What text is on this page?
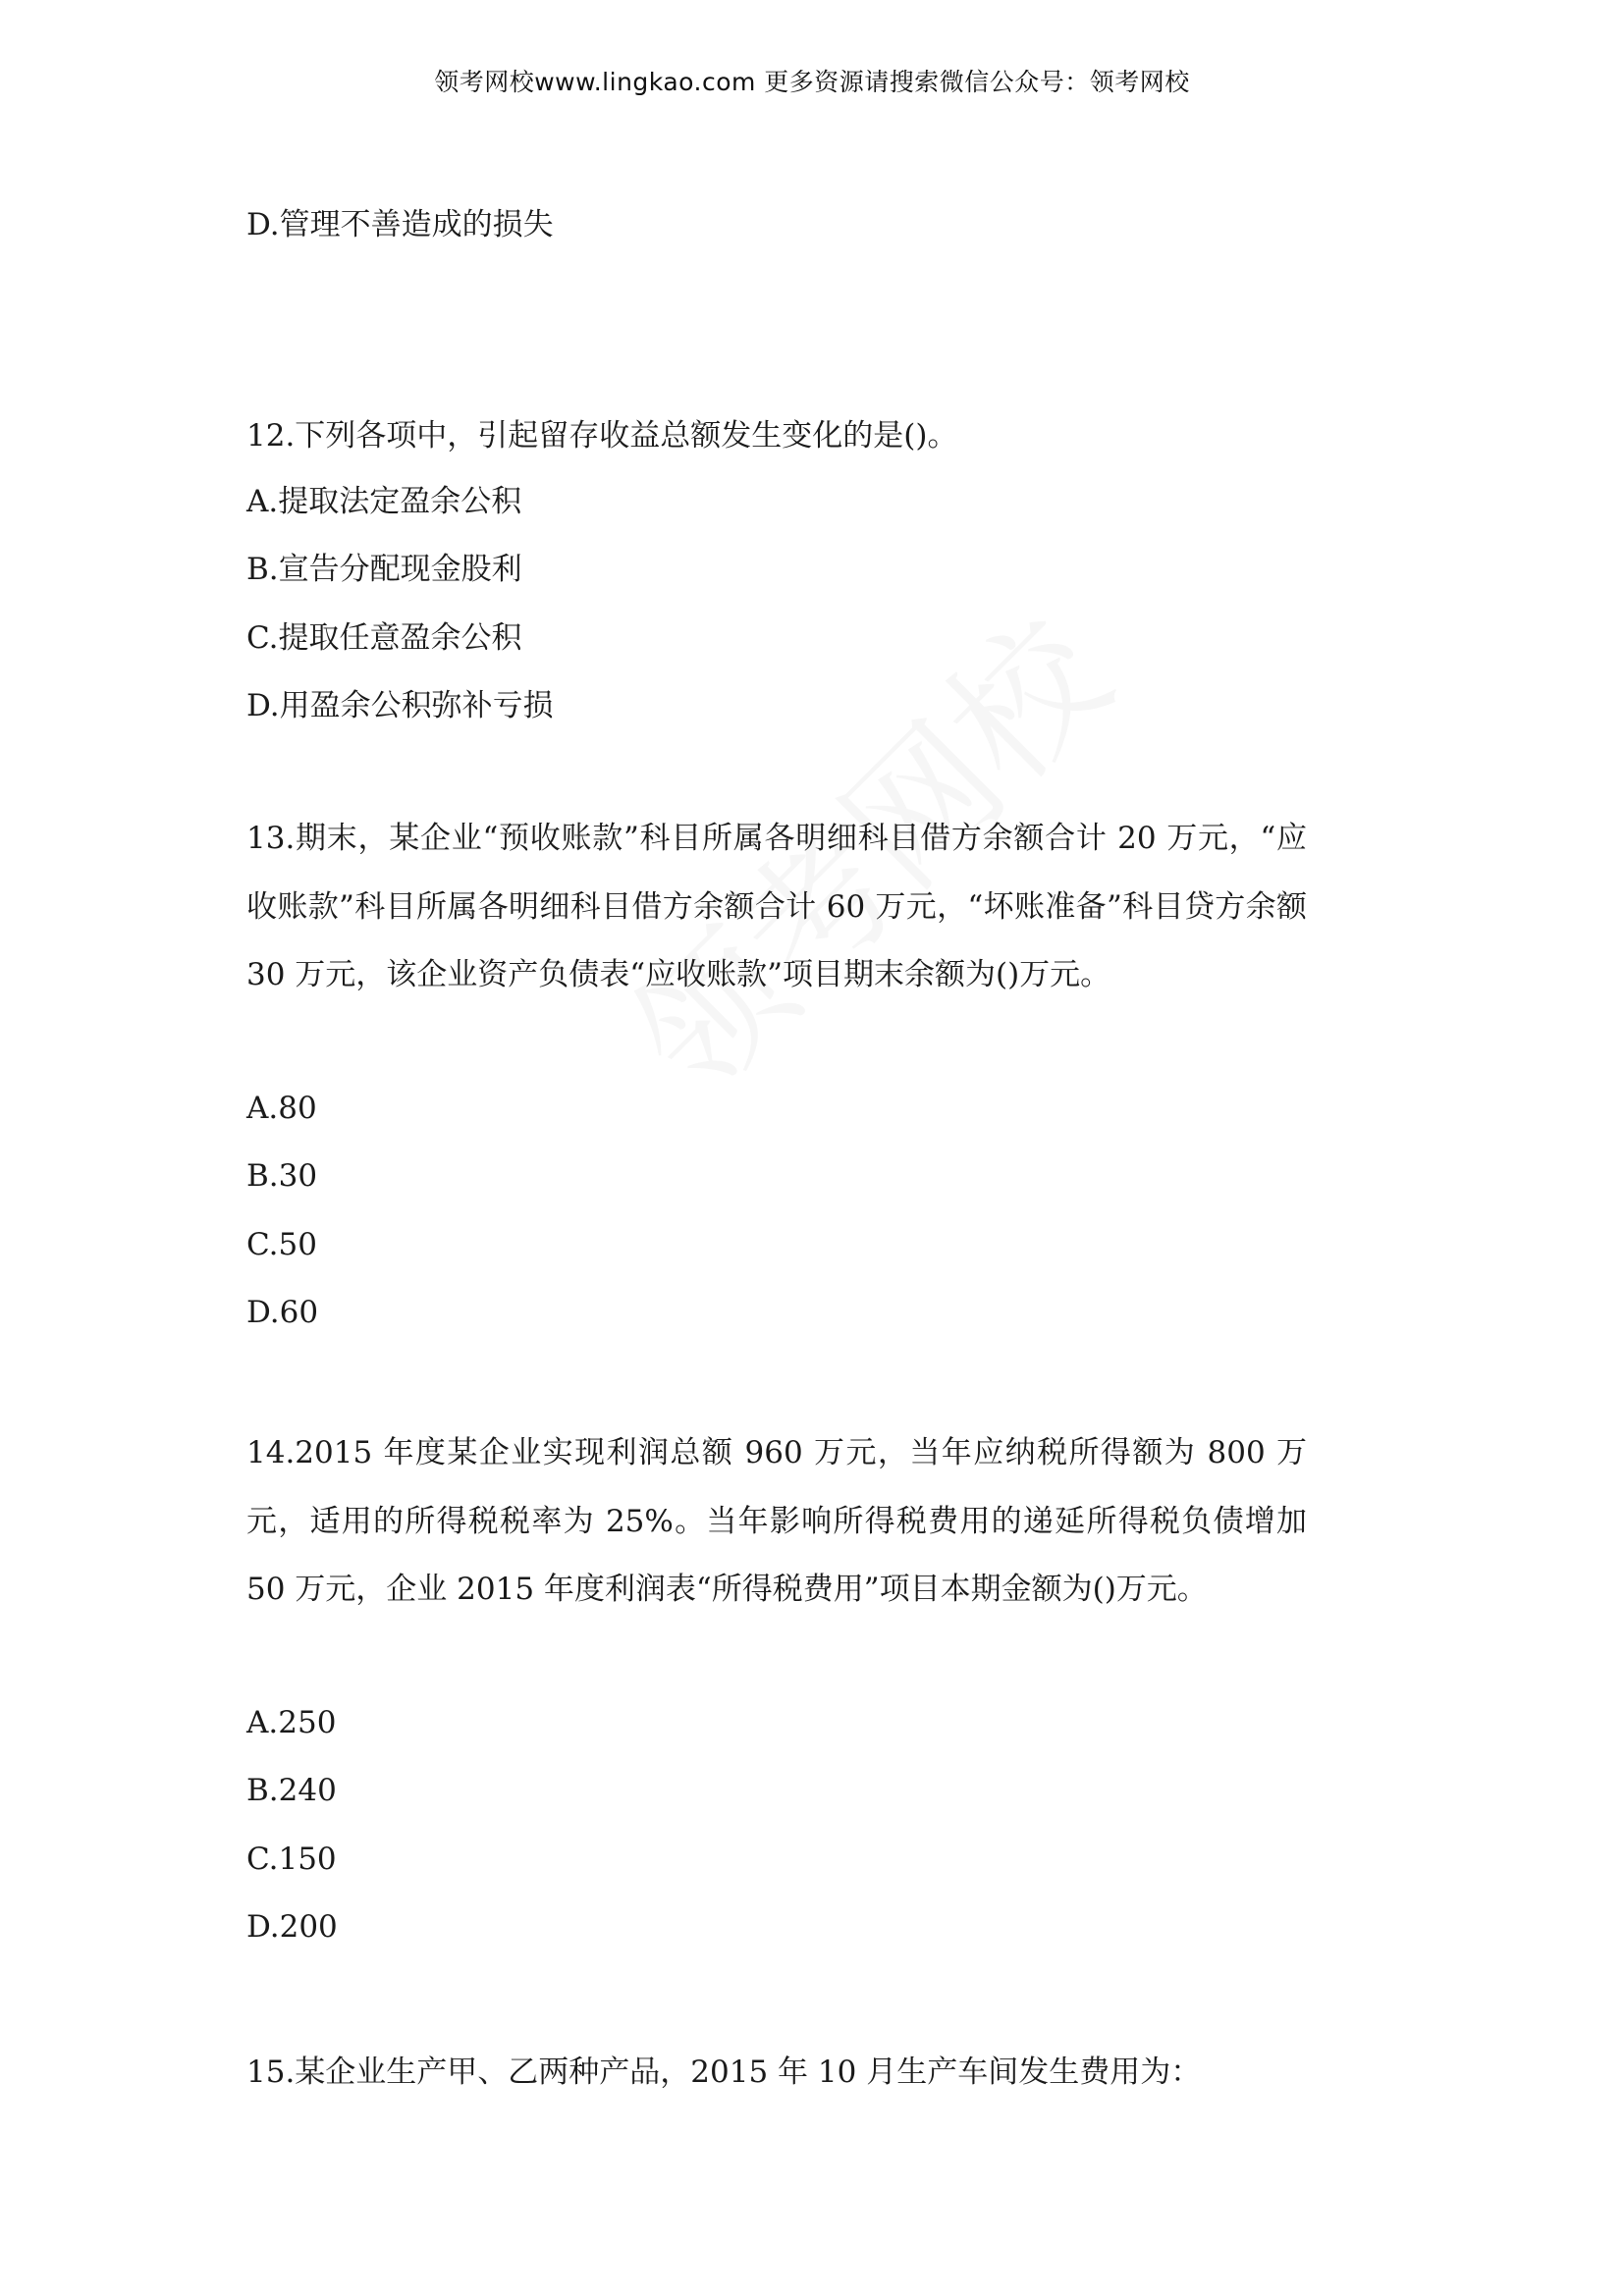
领考网校www.lingkao.com 更多资源请搜索微信公众号：领考网校
D.管理不善造成的损失
12.下列各项中，引起留存收益总额发生变化的是()。
A.提取法定盈余公积
B.宣告分配现金股利
C.提取任意盈余公积
D.用盈余公积弥补亏损
13.期末，某企业“预收账款”科目所属各明细科目借方余额合计 20 万元，“应收账款”科目所属各明细科目借方余额合计 60 万元，“坏账准备”科目贷方余额 30 万元，该企业资产负债表“应收账款”项目期末余额为()万元。
A.80
B.30
C.50
D.60
14.2015 年度某企业实现利润总额 960 万元，当年应纳税所得额为 800 万元，适用的所得税税率为 25%。当年影响所得税费用的递延所得税负债增加 50 万元，企业 2015 年度利润表“所得税费用”项目本期金额为()万元。
A.250
B.240
C.150
D.200
15.某企业生产甲、乙两种产品，2015 年 10 月生产车间发生费用为：
